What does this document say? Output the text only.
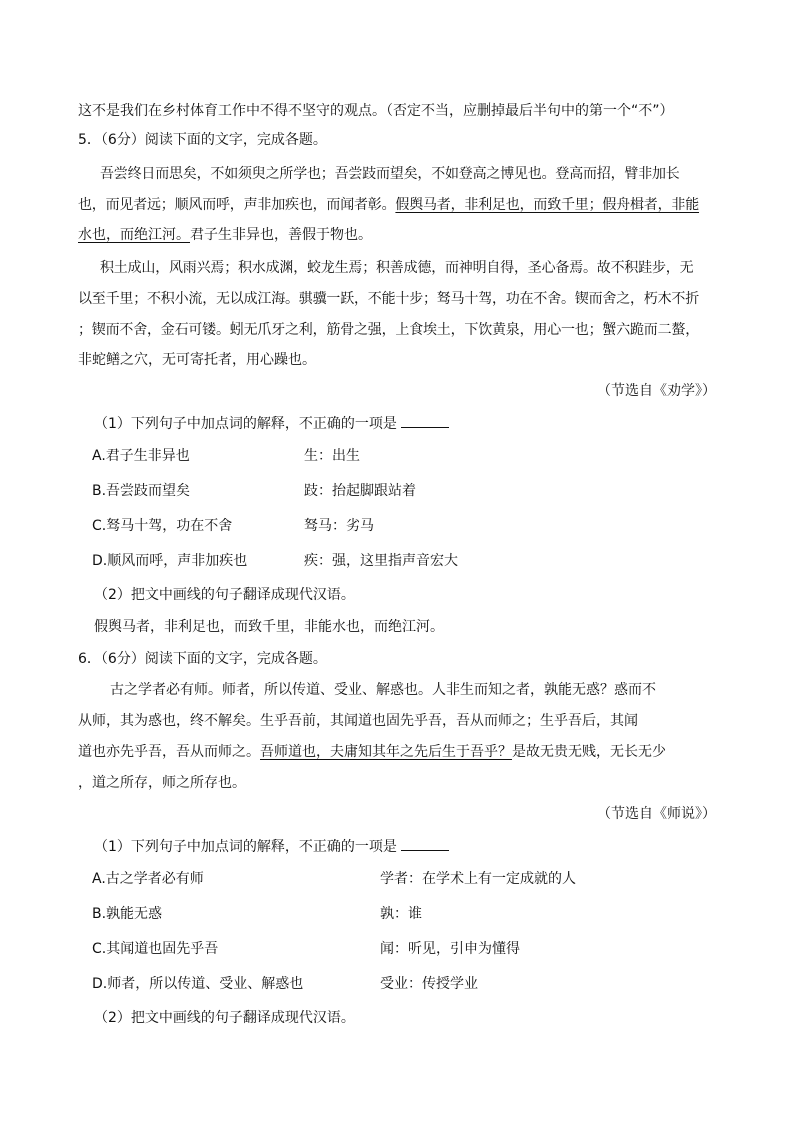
这不是我们在乡村体育工作中不得不坚守的观点。（否定不当，应删掉最后半句中的第一个“不”）
5．（6分）阅读下面的文字，完成各题。
吾尝终日而思矣，不如须臾之所学也；吾尝跂而望矣，不如登高之博见也。登高而招，臂非加长
也，而见者远；顺风而呼，声非加疾也，而闻者彰。假舆马者，非利足也，而致千里；假舟楫者，非能
水也，而绝江河。君子生非异也，善假于物也。
积土成山，风雨兴焉；积水成渊，蛟龙生焉；积善成德，而神明自得，圣心备焉。故不积跬步，无
以至千里；不积小流，无以成江海。骐骥一跃，不能十步；驽马十驾，功在不舍。锲而舍之，朽木不折
；锲而不舍，金石可镂。蚓无爪牙之利，筋骨之强，上食埃土，下饮黄泉，用心一也；蟹六跪而二螯，
非蛇鳝之穴，无可寄托者，用心躁也。
（节选自《劝学》）
（1）下列句子中加点词的解释，不正确的一项是
A.君子生非异也	生：出生
B.吾尝跂而望矣	跂：抬起脚跟站着
C.驽马十驾，功在不舍	驽马：劣马
D.顺风而呼，声非加疾也	疾：强，这里指声音宏大
（2）把文中画线的句子翻译成现代汉语。
假舆马者，非利足也，而致千里，非能水也，而绝江河。
6．（6分）阅读下面的文字，完成各题。
古之学者必有师。师者，所以传道、受业、解惑也。人非生而知之者，孰能无惑？惑而不
从师，其为惑也，终不解矣。生乎吾前，其闻道也固先乎吾，吾从而师之；生乎吾后，其闻
道也亦先乎吾，吾从而师之。吾师道也，夫庸知其年之先后生于吾乎？是故无贵无贱，无长无少
，道之所存，师之所存也。
（节选自《师说》）
（1）下列句子中加点词的解释，不正确的一项是
A.古之学者必有师	学者：在学术上有一定成就的人
B.孰能无惑	孰：谁
C.其闻道也固先乎吾	闻：听见，引申为懂得
D.师者，所以传道、受业、解惑也	受业：传授学业
（2）把文中画线的句子翻译成现代汉语。
